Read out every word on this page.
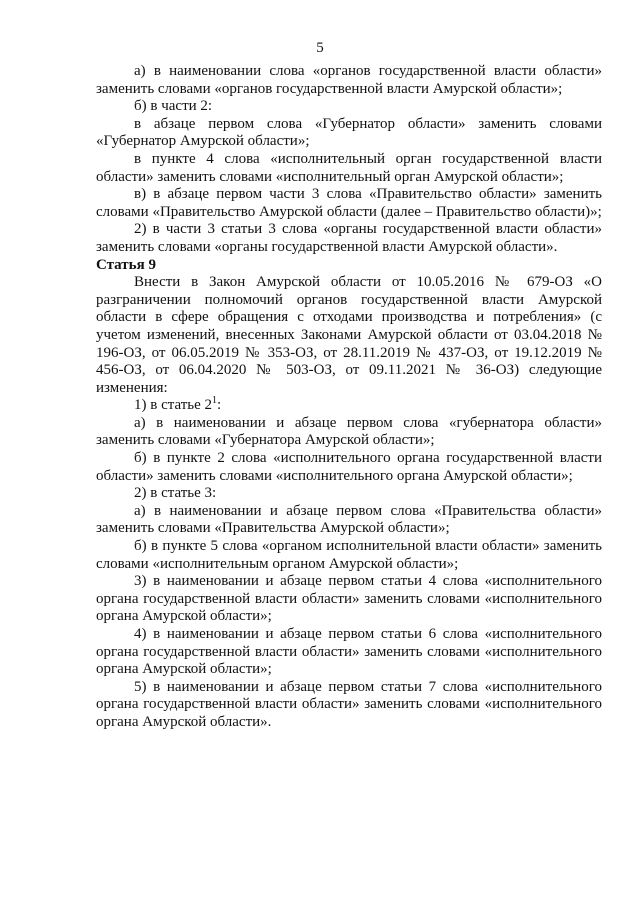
5

а) в наименовании слова «органов государственной власти области» заменить словами «органов государственной власти Амурской области»;

б) в части 2:

в абзаце первом слова «Губернатор области» заменить словами «Губернатор Амурской области»;

в пункте 4 слова «исполнительный орган государственной власти области» заменить словами «исполнительный орган Амурской области»;

в) в абзаце первом части 3 слова «Правительство области» заменить словами «Правительство Амурской области (далее – Правительство области)»;

2) в части 3 статьи 3 слова «органы государственной власти области» заменить словами «органы государственной власти Амурской области».

Статья 9

Внести в Закон Амурской области от 10.05.2016 № 679-ОЗ «О разграничении полномочий органов государственной власти Амурской области в сфере обращения с отходами производства и потребления» (с учетом изменений, внесенных Законами Амурской области от 03.04.2018 № 196-ОЗ, от 06.05.2019 № 353-ОЗ, от 28.11.2019 № 437-ОЗ, от 19.12.2019 № 456-ОЗ, от 06.04.2020 № 503-ОЗ, от 09.11.2021 № 36-ОЗ) следующие изменения:

1) в статье $2^1$:

а) в наименовании и абзаце первом слова «губернатора области» заменить словами «Губернатора Амурской области»;

б) в пункте 2 слова «исполнительного органа государственной власти области» заменить словами «исполнительного органа Амурской области»;

2) в статье 3:

а) в наименовании и абзаце первом слова «Правительства области» заменить словами «Правительства Амурской области»;

б) в пункте 5 слова «органом исполнительной власти области» заменить словами «исполнительным органом Амурской области»;

3) в наименовании и абзаце первом статьи 4 слова «исполнительного органа государственной власти области» заменить словами «исполнительного органа Амурской области»;

4) в наименовании и абзаце первом статьи 6 слова «исполнительного органа государственной власти области» заменить словами «исполнительного органа Амурской области»;

5) в наименовании и абзаце первом статьи 7 слова «исполнительного органа государственной власти области» заменить словами «исполнительного органа Амурской области».
